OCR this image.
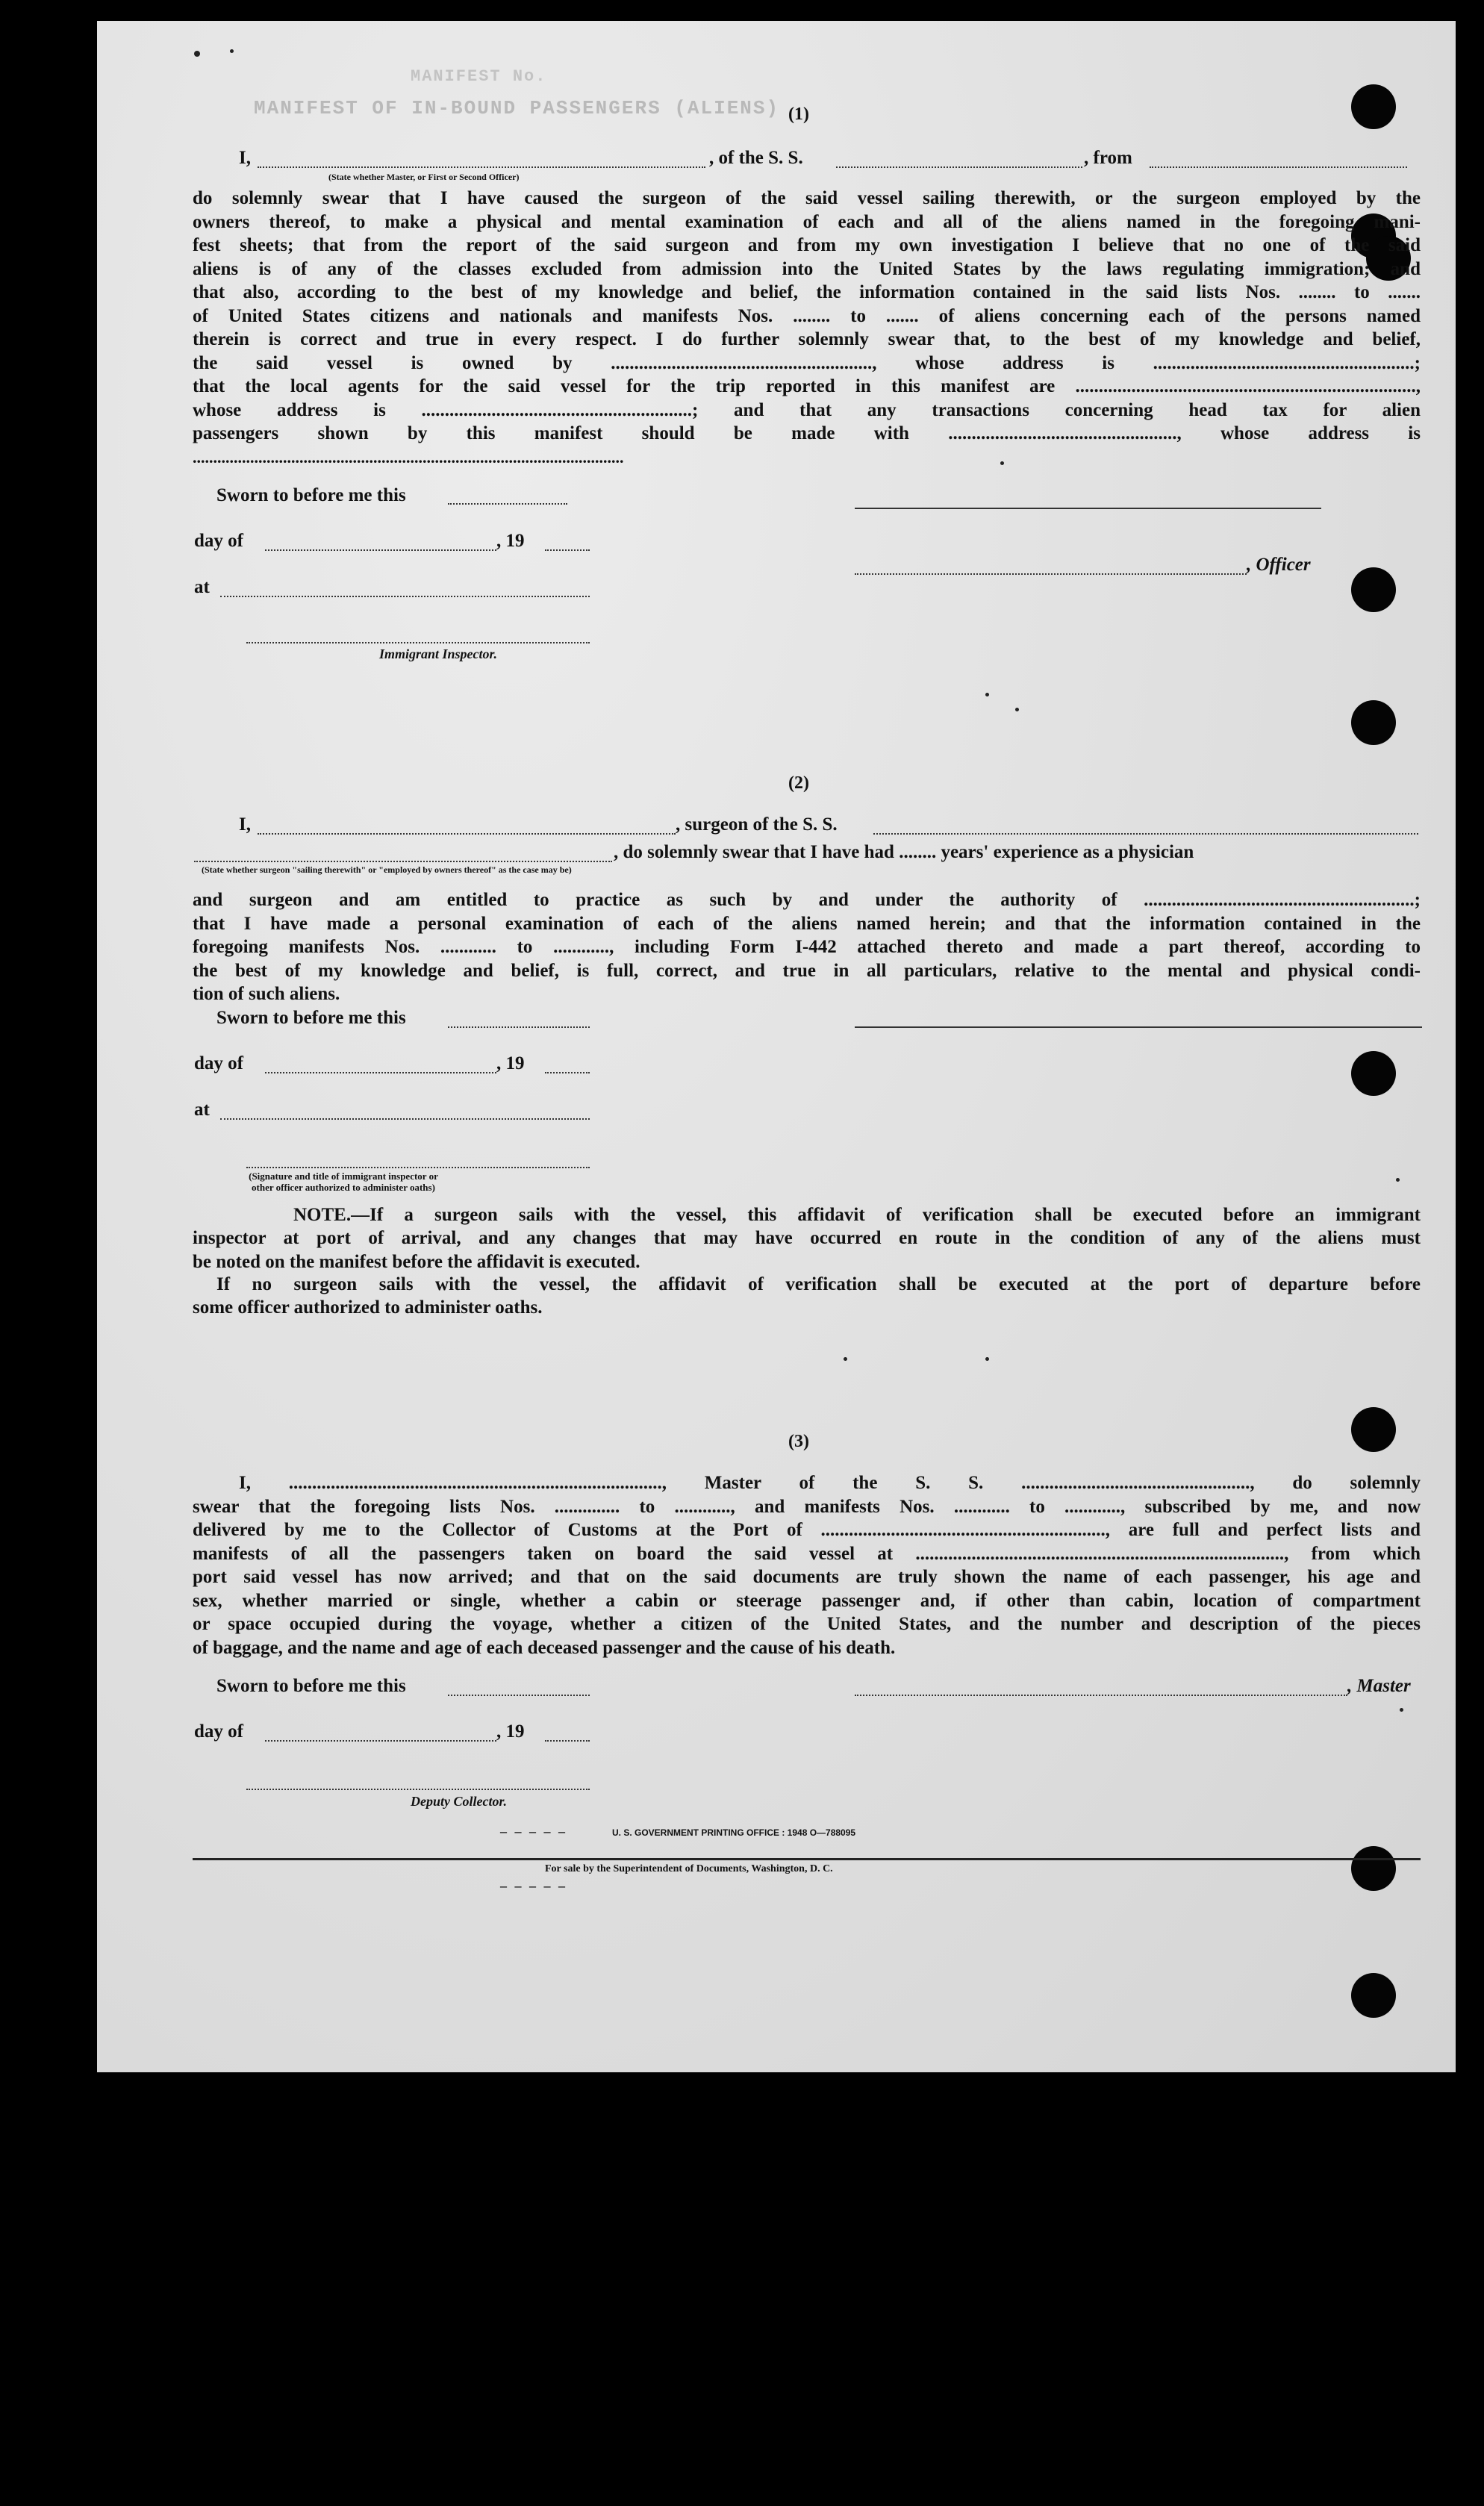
MANIFEST OF IN-BOUND PASSENGERS (ALIENS)
MANIFEST No.
(1)
I,	, of the S. S.	, from
(State whether Master, or First or Second Officer)
do solemnly swear that I have caused the surgeon of the said vessel sailing therewith, or the surgeon employed by the
owners thereof, to make a physical and mental examination of each and all of the aliens named in the foregoing mani-
fest sheets; that from the report of the said surgeon and from my own investigation I believe that no one of the said
aliens is of any of the classes excluded from admission into the United States by the laws regulating immigration; and
that also, according to the best of my knowledge and belief, the information contained in the said lists Nos. ........ to .......
of United States citizens and nationals and manifests Nos. ........ to ....... of aliens concerning each of the persons named
therein is correct and true in every respect. I do further solemnly swear that, to the best of my knowledge and belief,
the said vessel is owned by ........................................................, whose address is ........................................................;
that the local agents for the said vessel for the trip reported in this manifest are .........................................................................,
whose address is ..........................................................; and that any transactions concerning head tax for alien
passengers shown by this manifest should be made with ................................................., whose address is
.........................................................................................................
Sworn to before me this
day of	, 19
, Officer
at
Immigrant Inspector.
(2)
I,	, surgeon of the S. S.
, do solemnly swear that I have had ........ years' experience as a physician
(State whether surgeon "sailing therewith" or "employed by owners thereof" as the case may be)
and surgeon and am entitled to practice as such by and under the authority of ..........................................................;
that I have made a personal examination of each of the aliens named herein; and that the information contained in the
foregoing manifests Nos. ............ to ............, including Form I-442 attached thereto and made a part thereof, according to
the best of my knowledge and belief, is full, correct, and true in all particulars, relative to the mental and physical condi-
tion of such aliens.
Sworn to before me this
day of	, 19
at
(Signature and title of immigrant inspector or other officer authorized to administer oaths)
NOTE.—If a surgeon sails with the vessel, this affidavit of verification shall be executed before an immigrant
inspector at port of arrival, and any changes that may have occurred en route in the condition of any of the aliens must
be noted on the manifest before the affidavit is executed.
If no surgeon sails with the vessel, the affidavit of verification shall be executed at the port of departure before
some officer authorized to administer oaths.
(3)
I, ................................................................................, Master of the S. S. ................................................., do solemnly
swear that the foregoing lists Nos. .............. to ............, and manifests Nos. ............ to ............, subscribed by me, and now
delivered by me to the Collector of Customs at the Port of ............................................................., are full and perfect lists and
manifests of all the passengers taken on board the said vessel at ..............................................................................., from which
port said vessel has now arrived; and that on the said documents are truly shown the name of each passenger, his age and
sex, whether married or single, whether a cabin or steerage passenger and, if other than cabin, location of compartment
or space occupied during the voyage, whether a citizen of the United States, and the number and description of the pieces
of baggage, and the name and age of each deceased passenger and the cause of his death.
Sworn to before me this	, Master
day of	, 19
Deputy Collector.
– – – – –	U. S. GOVERNMENT PRINTING OFFICE : 1948 O—788095
For sale by the Superintendent of Documents, Washington, D. C.
– – – – –
